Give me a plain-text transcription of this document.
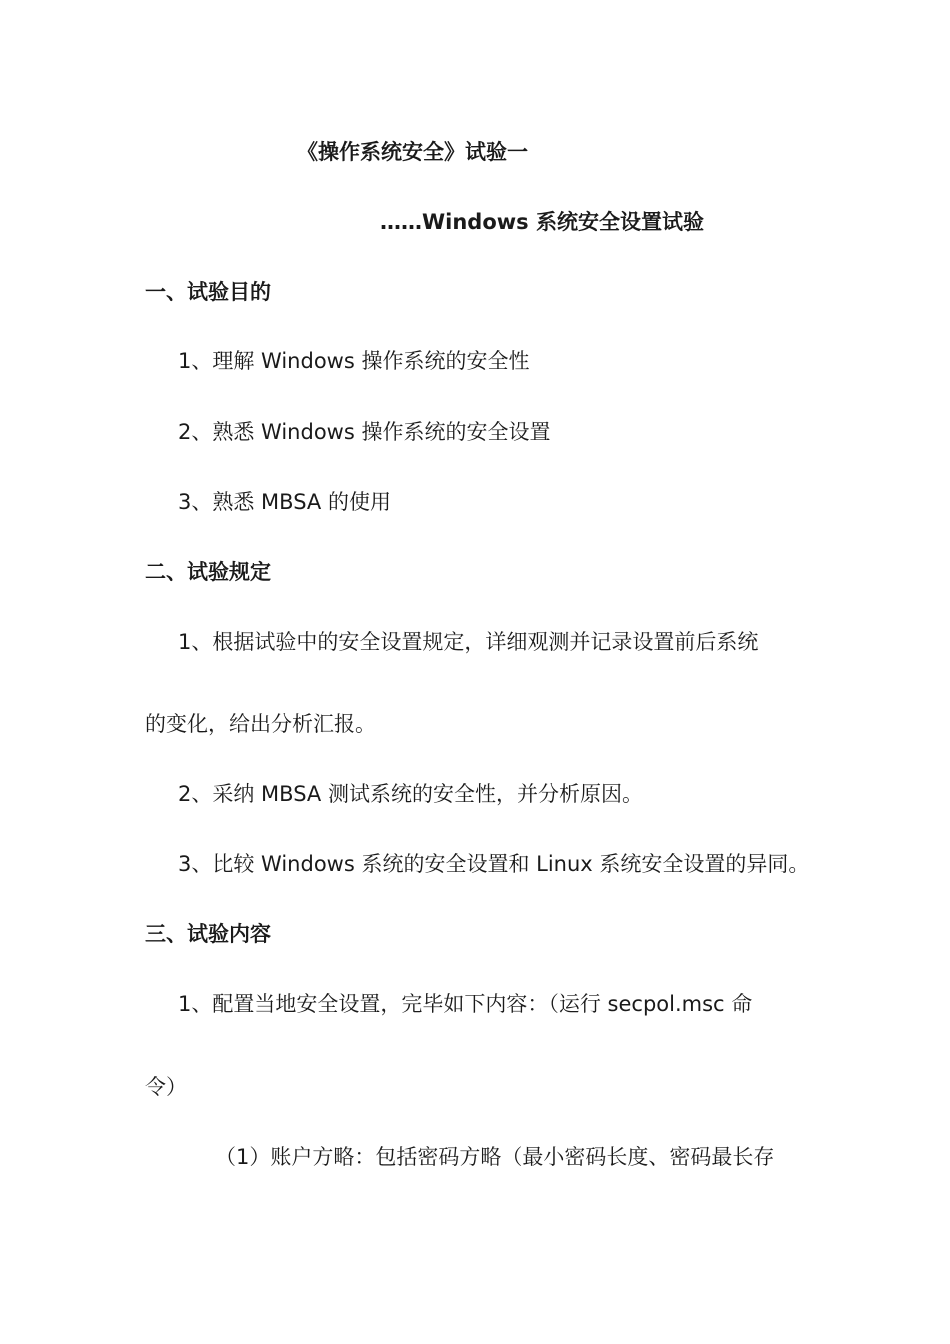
《操作系统安全》试验一
……Windows 系统安全设置试验
一、试验目的
1、理解 Windows 操作系统的安全性
2、熟悉 Windows 操作系统的安全设置
3、熟悉 MBSA 的使用
二、试验规定
1、根据试验中的安全设置规定，详细观测并记录设置前后系统
的变化，给出分析汇报。
2、采纳 MBSA 测试系统的安全性，并分析原因。
3、比较 Windows 系统的安全设置和 Linux 系统安全设置的异同。
三、试验内容
1、配置当地安全设置，完毕如下内容：（运行 secpol.msc 命
令）
（1）账户方略：包括密码方略（最小密码长度、密码最长存
